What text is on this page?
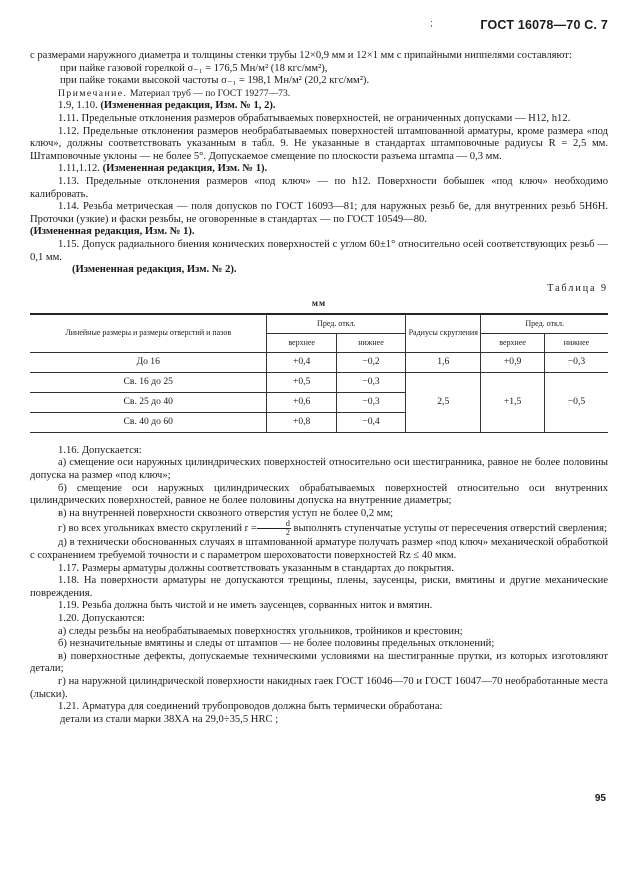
;	ГОСТ 16078—70 С. 7

с размерами наружного диаметра и толщины стенки трубы 12×0,9 мм и 12×1 мм с припайными ниппелями составляют:

при пайке газовой горелкой σ₋₁ = 176,5 Мн/м² (18 кгс/мм²),

при пайке токами высокой частоты σ₋₁ = 198,1 Мн/м² (20,2 кгс/мм²).

Примечание. Материал труб — по ГОСТ 19277—73.

1.9, 1.10. (Измененная редакция, Изм. № 1, 2).

1.11. Предельные отклонения размеров обрабатываемых поверхностей, не ограниченных допусками — H12, h12.

1.12. Предельные отклонения размеров необрабатываемых поверхностей штампованной арматуры, кроме размера «под ключ», должны соответствовать указанным в табл. 9. Не указанные в стандартах штамповочные радиусы R = 2,5 мм. Штамповочные уклоны — не более 5°. Допускаемое смещение по плоскости разъема штампа — 0,3 мм.

1.11,1.12. (Измененная редакция, Изм. № 1).

1.13. Предельные отклонения размеров «под ключ» — по h12. Поверхности бобышек «под ключ» необходимо калибровать.

1.14. Резьба метрическая — поля допусков по ГОСТ 16093—81; для наружных резьб 6е, для внутренних резьб 5Н6Н. Проточки (узкие) и фаски резьбы, не оговоренные в стандартах — по ГОСТ 10549—80.

(Измененная редакция, Изм. № 1).

1.15. Допуск радиального биения конических поверхностей с углом 60±1° относительно осей соответствующих резьб — 0,1 мм.

(Измененная редакция, Изм. № 2).

Таблица 9
мм
Линейные размеры и размеры отверстий и пазов	Пред. откл.		Радиусы скругления	Пред. откл.	
	верхнее	нижнее		верхнее	нижнее
До 16	+0,4	−0,2	1,6	+0,9	−0,3
Св. 16 до 25	+0,5	−0,3	2,5	+1,5	−0,5
Св. 25 до 40	+0,6	−0,3			
Св. 40 до 60	+0,8	−0,4			

1.16. Допускается:

а) смещение оси наружных цилиндрических поверхностей относительно оси шестигранника, равное не более половины допуска на размер «под ключ»;

б) смещение оси наружных цилиндрических обрабатываемых поверхностей относительно оси внутренних цилиндрических поверхностей, равное не более половины допуска на внутренние диаметры;

в) на внутренней поверхности сквозного отверстия уступ не более 0,2 мм;

г) во всех угольниках вместо скруглений $r = \frac{d}{2}$ выполнять ступенчатые уступы от пересечения отверстий сверления;

д) в технически обоснованных случаях в штампованной арматуре получать размер «под ключ» механической обработкой с сохранением требуемой точности и с параметром шероховатости поверхностей Rz ≤ 40 мкм.

1.17. Размеры арматуры должны соответствовать указанным в стандартах до покрытия.

1.18. На поверхности арматуры не допускаются трещины, плены, заусенцы, риски, вмятины и другие механические повреждения.

1.19. Резьба должна быть чистой и не иметь заусенцев, сорванных ниток и вмятин.

1.20. Допускаются:

а) следы резьбы на необрабатываемых поверхностях угольников, тройников и крестовин;

б) незначительные вмятины и следы от штампов — не более половины предельных отклонений;

в) поверхностные дефекты, допускаемые техническими условиями на шестигранные прутки, из которых изготовляют детали;

г) на наружной цилиндрической поверхности накидных гаек ГОСТ 16046—70 и ГОСТ 16047—70 необработанные места (лыски).

1.21. Арматура для соединений трубопроводов должна быть термически обработана:

детали из стали марки 38ХА на 29,0÷35,5 HRC ;

95
